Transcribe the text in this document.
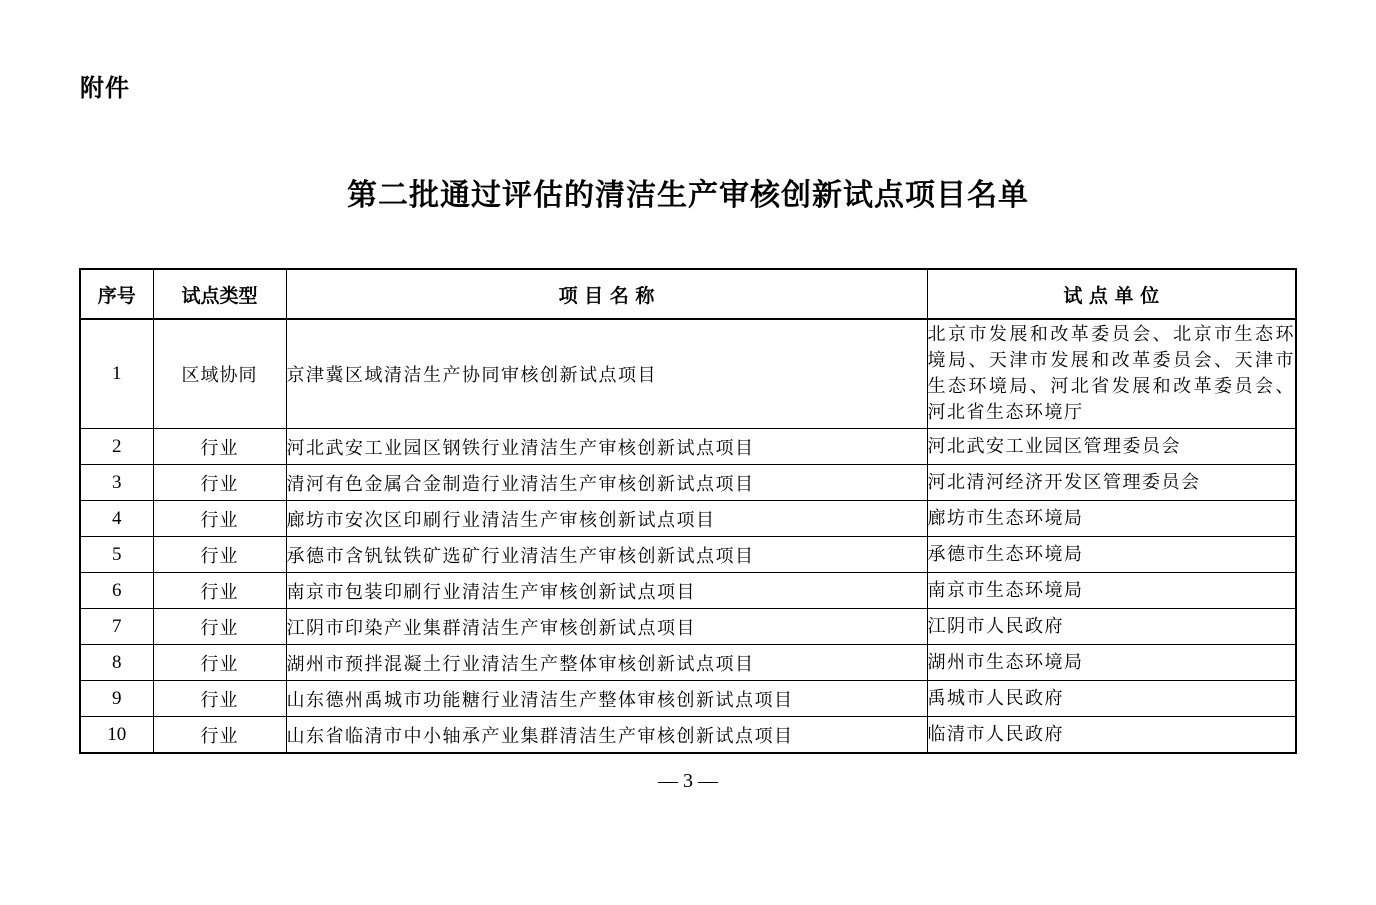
附件
第二批通过评估的清洁生产审核创新试点项目名单
序号	试点类型	项 目 名 称	试 点 单 位
1	区域协同	京津冀区域清洁生产协同审核创新试点项目	北京市发展和改革委员会、北京市生态环境局、天津市发展和改革委员会、天津市生态环境局、河北省发展和改革委员会、河北省生态环境厅
2	行业	河北武安工业园区钢铁行业清洁生产审核创新试点项目	河北武安工业园区管理委员会
3	行业	清河有色金属合金制造行业清洁生产审核创新试点项目	河北清河经济开发区管理委员会
4	行业	廊坊市安次区印刷行业清洁生产审核创新试点项目	廊坊市生态环境局
5	行业	承德市含钒钛铁矿选矿行业清洁生产审核创新试点项目	承德市生态环境局
6	行业	南京市包装印刷行业清洁生产审核创新试点项目	南京市生态环境局
7	行业	江阴市印染产业集群清洁生产审核创新试点项目	江阴市人民政府
8	行业	湖州市预拌混凝土行业清洁生产整体审核创新试点项目	湖州市生态环境局
9	行业	山东德州禹城市功能糖行业清洁生产整体审核创新试点项目	禹城市人民政府
10	行业	山东省临清市中小轴承产业集群清洁生产审核创新试点项目	临清市人民政府
— 3 —
